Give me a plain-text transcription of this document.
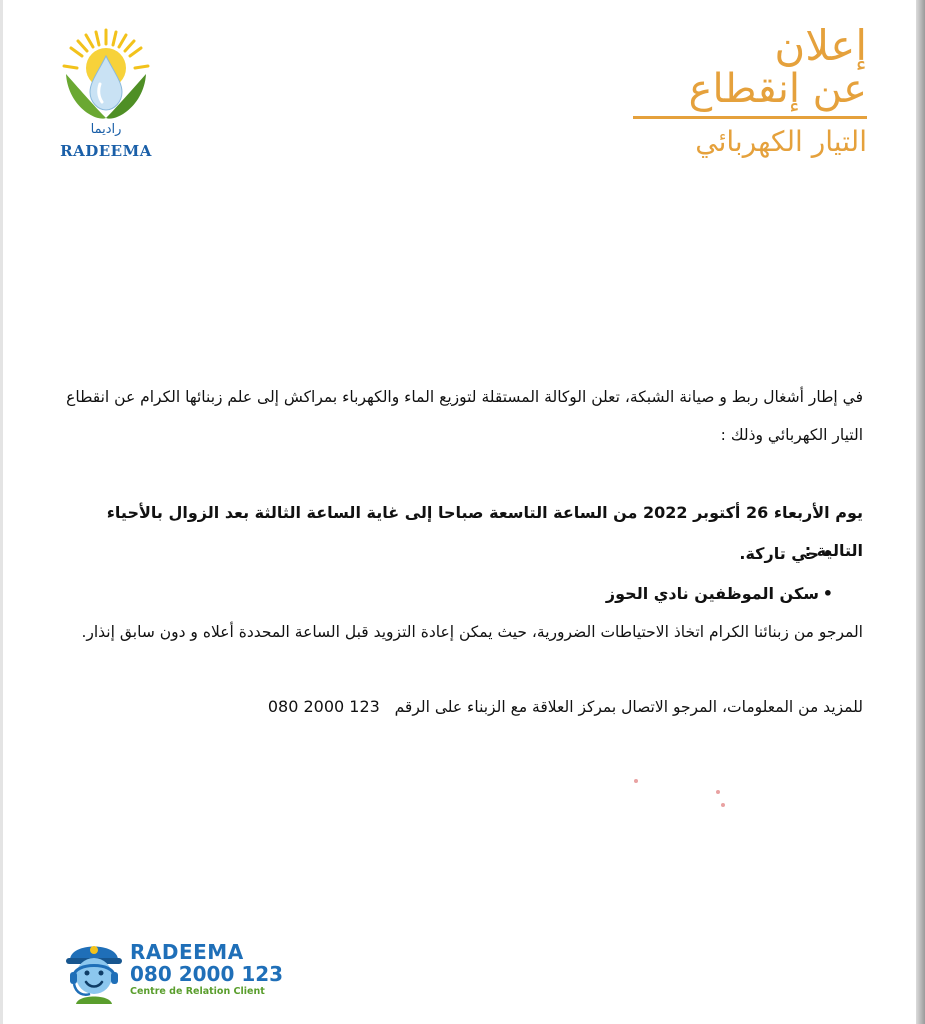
راديما
RADEEMA
إعلان
عن إنقطاع
التيار الكهربائي
في إطار أشغال ربط و صيانة الشبكة، تعلن الوكالة المستقلة لتوزيع الماء والكهرباء بمراكش إلى علم زبنائها الكرام عن انقطاع التيار الكهربائي وذلك :
يوم الأربعاء 26 أكتوبر 2022 من الساعة التاسعة صباحا إلى غاية الساعة الثالثة بعد الزوال بالأحياء التالية :
• حي تاركة.
• سكن الموظفين نادي الحوز
المرجو من زبنائنا الكرام اتخاذ الاحتياطات الضرورية، حيث يمكن إعادة التزويد قبل الساعة المحددة أعلاه و دون سابق إنذار.
للمزيد من المعلومات، المرجو الاتصال بمركز العلاقة مع الزبناء على الرقم   080 2000 123
RADEEMA
080 2000 123
Centre de Relation Client
